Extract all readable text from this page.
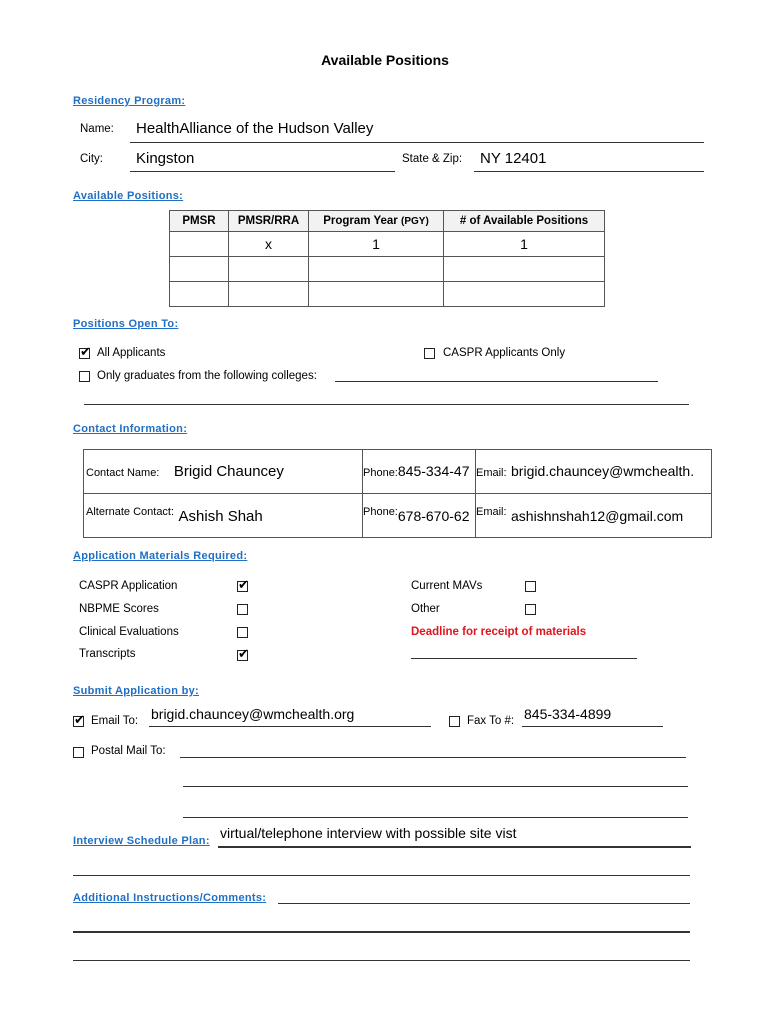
Available Positions
Residency Program:
Name: HealthAlliance of the Hudson Valley
City: Kingston	State & Zip: NY 12401
Available Positions:
PMSR	PMSR/RRA	Program Year (PGY)	# of Available Positions
	x	1	1

Positions Open To:
✔
All Applicants	CASPR Applicants Only
Only graduates from the following colleges:
Contact Information:
Contact Name: Brigid Chauncey	Phone:845-334-47	Email: brigid.chauncey@wmchealth.
$^{Alternate Contact:}$ Ashish Shah	$^{Phone:}$678-670-62	$^{Email:}$ ashishnshah12@gmail.com
Application Materials Required:
CASPR Application
✔
NBPME Scores
Clinical Evaluations
Transcripts
✔
Current MAVs
Other
Deadline for receipt of materials
Submit Application by:
✔
Email To: brigid.chauncey@wmchealth.org	Fax To #: 845-334-4899
Postal Mail To:
Interview Schedule Plan: virtual/telephone interview with possible site vist
Additional Instructions/Comments:
